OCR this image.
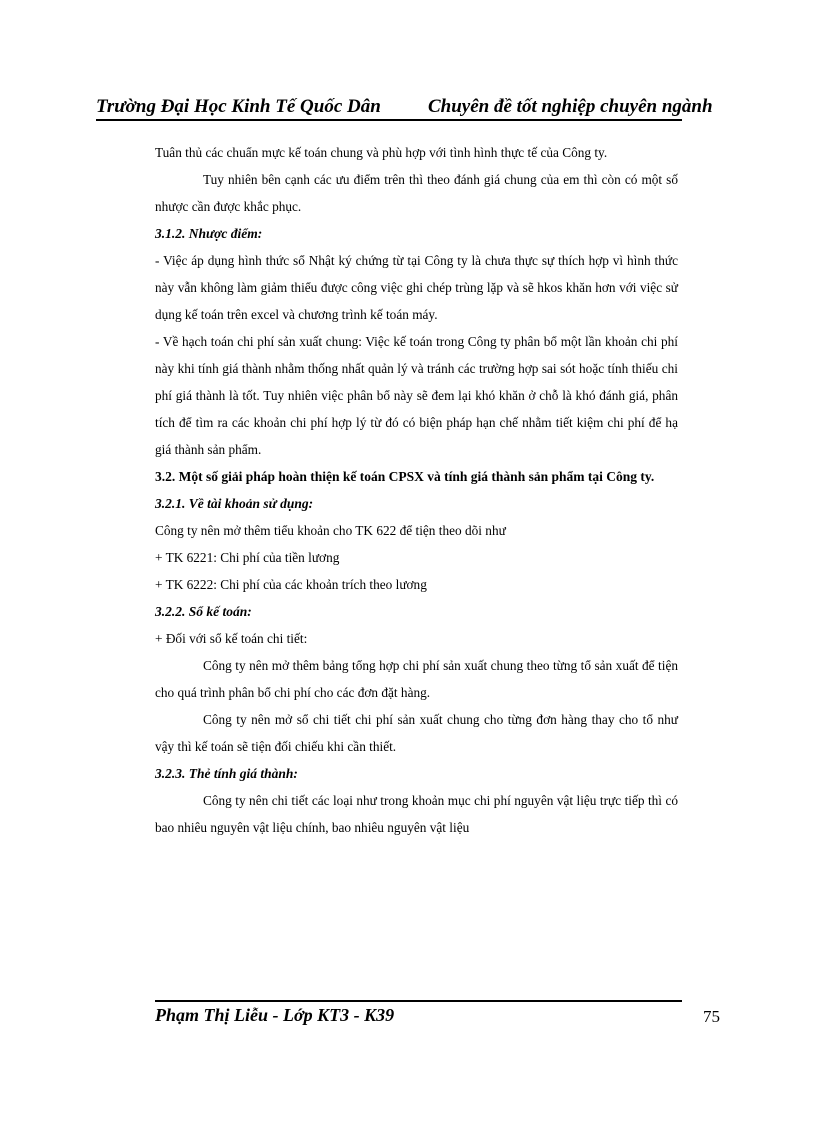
Trường Đại Học Kinh Tế Quốc Dân Chuyên đề tốt nghiệp chuyên ngành

Tuân thủ các chuẩn mực kế toán chung và phù hợp với tình hình thực tế của Công ty.

Tuy nhiên bên cạnh các ưu điểm trên thì theo đánh giá chung của em thì còn có một số nhược cần được khắc phục.

3.1.2. Nhược điểm:

- Việc áp dụng hình thức sổ Nhật ký chứng từ tại Công ty là chưa thực sự thích hợp vì hình thức này vẫn không làm giảm thiểu được công việc ghi chép trùng lặp và sẽ hkos khăn hơn với việc sử dụng kế toán trên excel và chương trình kế toán máy.

- Về hạch toán chi phí sản xuất chung: Việc kế toán trong Công ty phân bổ một lần khoản chi phí này khi tính giá thành nhằm thống nhất quản lý và tránh các trường hợp sai sót hoặc tính thiếu chi phí giá thành là tốt. Tuy nhiên việc phân bổ này sẽ đem lại khó khăn ở chỗ là khó đánh giá, phân tích để tìm ra các khoản chi phí hợp lý từ đó có biện pháp hạn chế nhằm tiết kiệm chi phí để hạ giá thành sản phẩm.

3.2. Một số giải pháp hoàn thiện kế toán CPSX và tính giá thành sản phẩm tại Công ty.

3.2.1. Về tài khoản sử dụng:

Công ty nên mở thêm tiểu khoản cho TK 622 để tiện theo dõi như

+ TK 6221: Chi phí của tiền lương

+ TK 6222: Chi phí của các khoản trích theo lương

3.2.2. Sổ kế toán:

+ Đối với sổ kế toán chi tiết:

Công ty nên mở thêm bảng tổng hợp chi phí sản xuất chung theo từng tổ sản xuất để tiện cho quá trình phân bổ chi phí cho các đơn đặt hàng.

Công ty nên mở sổ chi tiết chi phí sản xuất chung cho từng đơn hàng thay cho tổ như vậy thì kế toán sẽ tiện đối chiếu khi cần thiết.

3.2.3. Thẻ tính giá thành:

Công ty nên chi tiết các loại như trong khoản mục chi phí nguyên vật liệu trực tiếp thì có bao nhiêu nguyên vật liệu chính, bao nhiêu nguyên vật liệu

Phạm Thị Liễu - Lớp KT3 - K39	75
